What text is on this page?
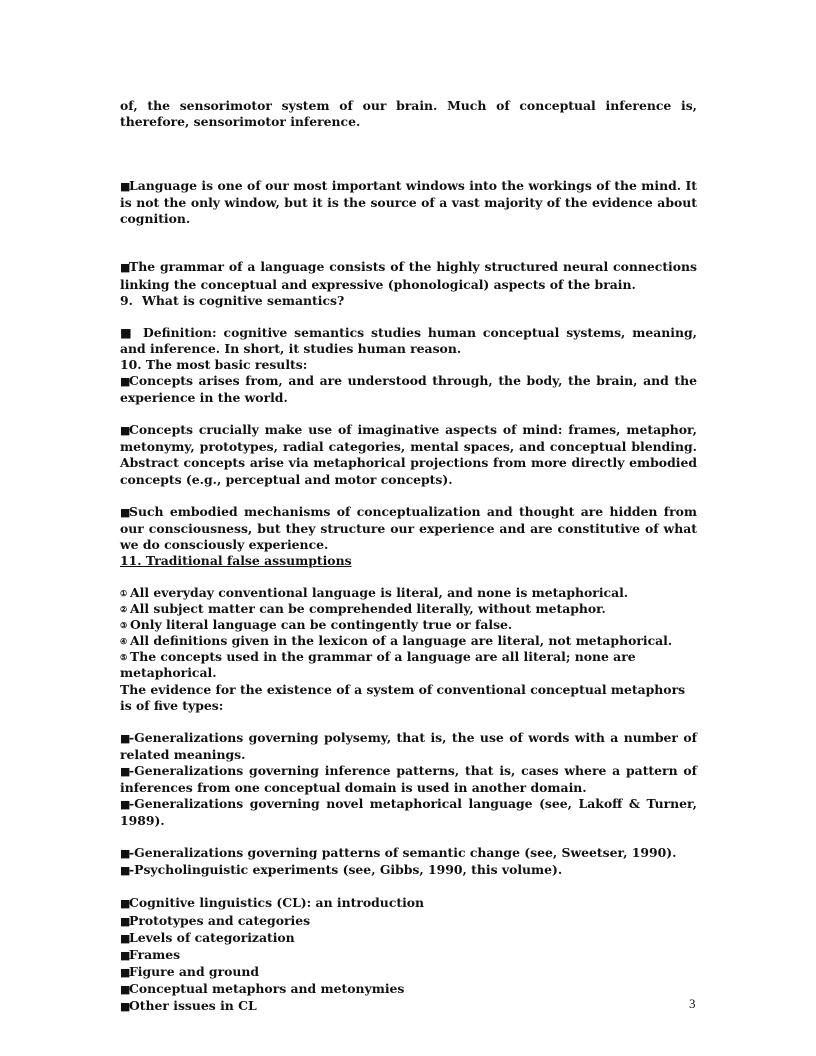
of, the sensorimotor system of our brain. Much of conceptual inference is, therefore, sensorimotor inference.

■Language is one of our most important windows into the workings of the mind. It is not the only window, but it is the source of a vast majority of the evidence about cognition.

■The grammar of a language consists of the highly structured neural connections linking the conceptual and expressive (phonological) aspects of the brain.

9. What is cognitive semantics?

■ Definition: cognitive semantics studies human conceptual systems, meaning, and inference. In short, it studies human reason.

10. The most basic results:

■Concepts arises from, and are understood through, the body, the brain, and the experience in the world.

■Concepts crucially make use of imaginative aspects of mind: frames, metaphor, metonymy, prototypes, radial categories, mental spaces, and conceptual blending. Abstract concepts arise via metaphorical projections from more directly embodied concepts (e.g., perceptual and motor concepts).

■Such embodied mechanisms of conceptualization and thought are hidden from our consciousness, but they structure our experience and are constitutive of what we do consciously experience.

11. Traditional false assumptions

① All everyday conventional language is literal, and none is metaphorical.

② All subject matter can be comprehended literally, without metaphor.

③ Only literal language can be contingently true or false.

④ All definitions given in the lexicon of a language are literal, not metaphorical.

⑤ The concepts used in the grammar of a language are all literal; none are metaphorical.

The evidence for the existence of a system of conventional conceptual metaphors is of five types:

■-Generalizations governing polysemy, that is, the use of words with a number of related meanings.

■-Generalizations governing inference patterns, that is, cases where a pattern of inferences from one conceptual domain is used in another domain.

■-Generalizations governing novel metaphorical language (see, Lakoff & Turner, 1989).

■-Generalizations governing patterns of semantic change (see, Sweetser, 1990).

■-Psycholinguistic experiments (see, Gibbs, 1990, this volume).

■Cognitive linguistics (CL): an introduction

■Prototypes and categories

■Levels of categorization

■Frames

■Figure and ground

■Conceptual metaphors and metonymies

■Other issues in CL	3
